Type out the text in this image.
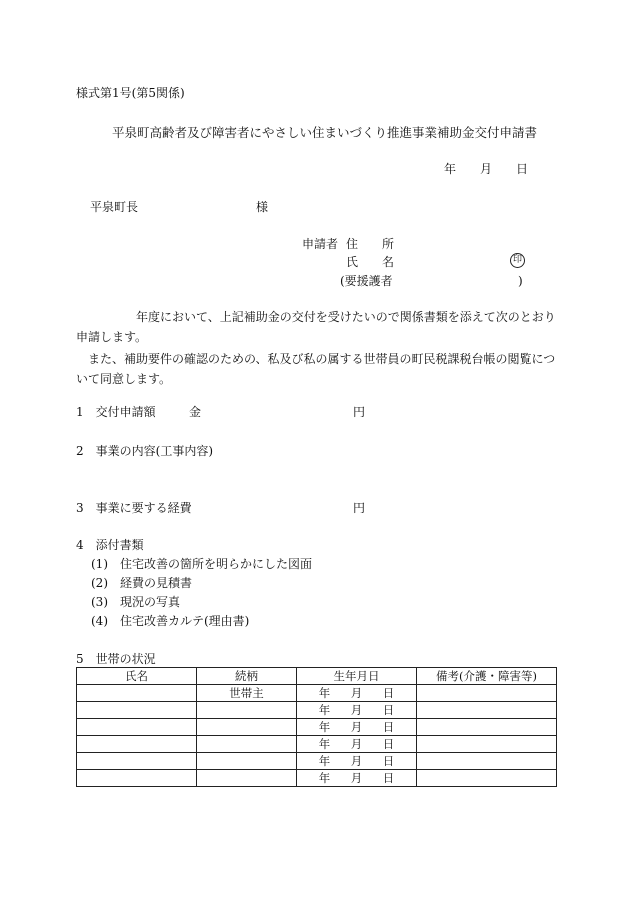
様式第1号(第5関係)
平泉町高齢者及び障害者にやさしい住まいづくり推進事業補助金交付申請書
年 月 日
平泉町長	様
申請者 住　　所
氏　　名	印
(要援護者	)
年度において、上記補助金の交付を受けたいので関係書類を添えて次のとおり申請します。
また、補助要件の確認のための、私及び私の属する世帯員の町民税課税台帳の閲覧について同意します。
1　交付申請額	金	円
2　事業の内容(工事内容)
3　事業に要する経費	円
4　添付書類
(1)　住宅改善の箇所を明らかにした図面
(2)　経費の見積書
(3)　現況の写真
(4)　住宅改善カルテ(理由書)
5　世帯の状況
氏名	続柄	生年月日	備考(介護・障害等)
	世帯主	年 月 日	
		年 月 日	
		年 月 日	
		年 月 日	
		年 月 日	
		年 月 日	
